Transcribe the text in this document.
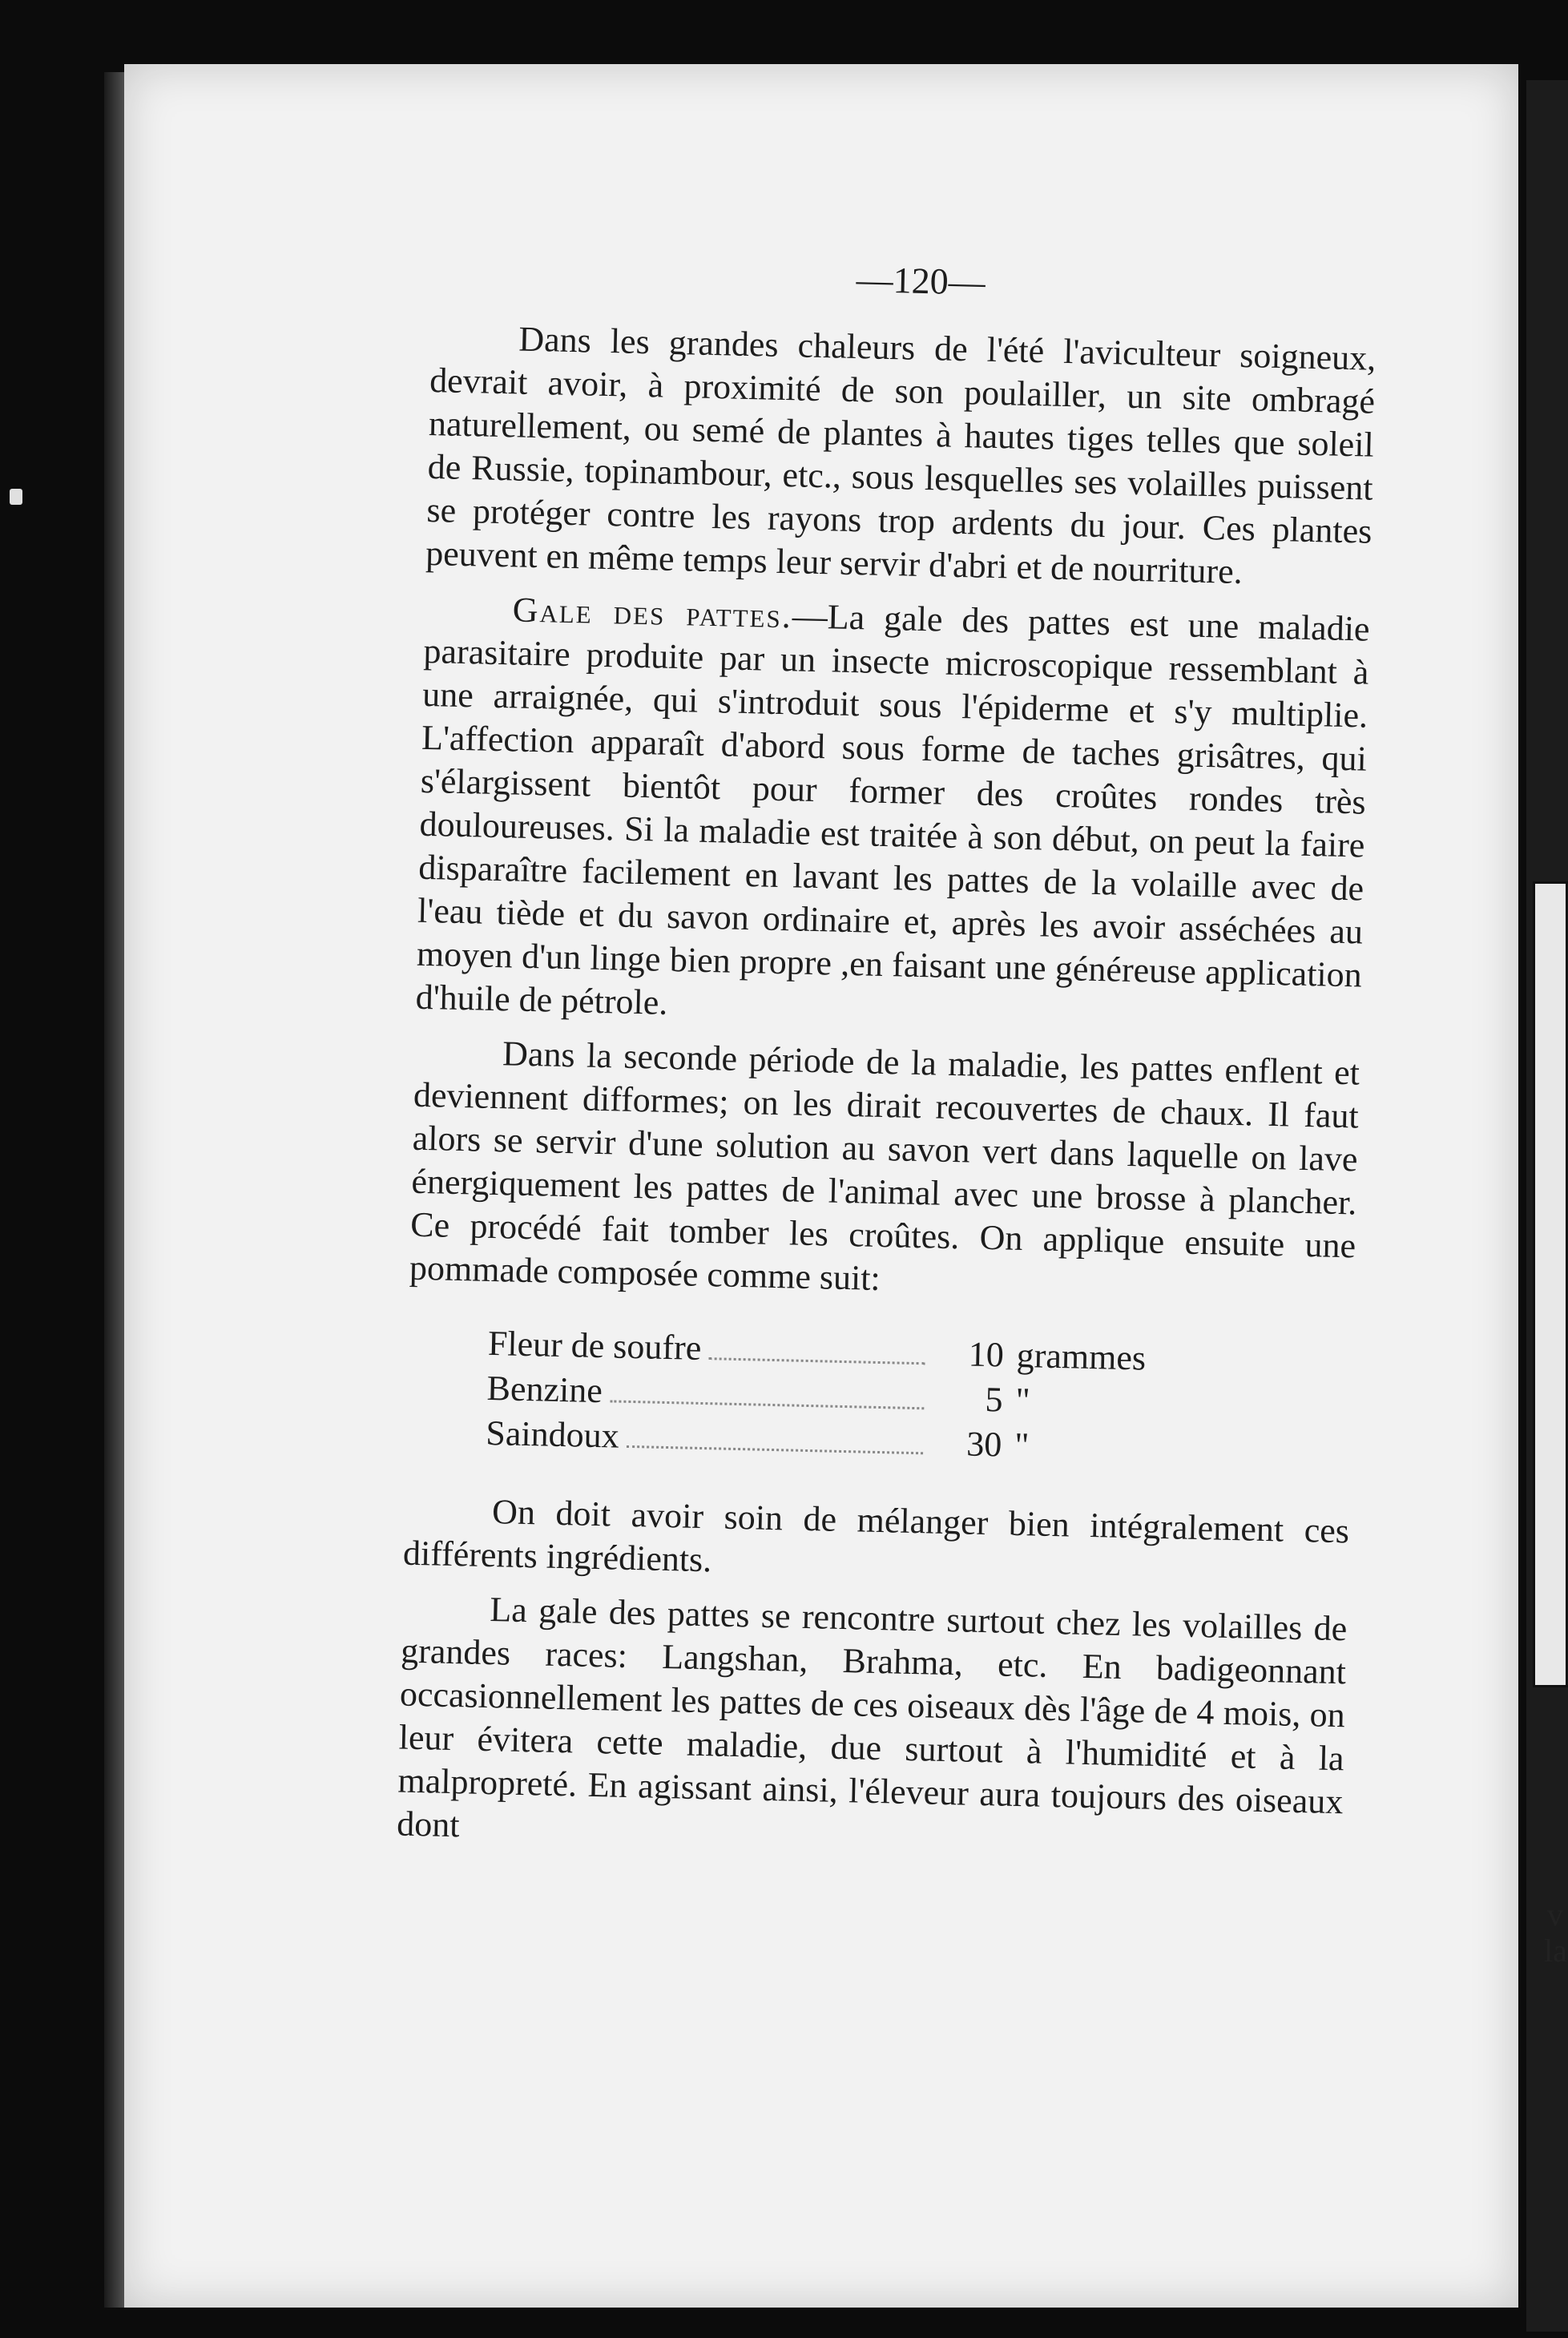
v
la
—120—

Dans les grandes chaleurs de l'été l'aviculteur soigneux, devrait avoir, à proximité de son poulailler, un site ombragé naturellement, ou semé de plantes à hautes tiges telles que soleil de Russie, topinambour, etc., sous lesquelles ses volailles puissent se protéger contre les rayons trop ardents du jour. Ces plantes peuvent en même temps leur servir d'abri et de nourriture.

Gale des pattes.—La gale des pattes est une maladie parasitaire produite par un insecte microscopique ressemblant à une arraignée, qui s'introduit sous l'épiderme et s'y multiplie. L'affection apparaît d'abord sous forme de taches grisâtres, qui s'élargissent bientôt pour former des croûtes rondes très douloureuses. Si la maladie est traitée à son début, on peut la faire disparaître facilement en lavant les pattes de la volaille avec de l'eau tiède et du savon ordinaire et, après les avoir asséchées au moyen d'un linge bien propre ,en faisant une généreuse application d'huile de pétrole.

Dans la seconde période de la maladie, les pattes enflent et deviennent difformes; on les dirait recouvertes de chaux. Il faut alors se servir d'une solution au savon vert dans laquelle on lave énergiquement les pattes de l'animal avec une brosse à plancher. Ce procédé fait tomber les croûtes. On applique ensuite une pommade composée comme suit:

Fleur de soufre	10 grammes
Benzine	5 "
Saindoux	30 "

On doit avoir soin de mélanger bien intégralement ces différents ingrédients.

La gale des pattes se rencontre surtout chez les volailles de grandes races: Langshan, Brahma, etc. En badigeonnant occasionnellement les pattes de ces oiseaux dès l'âge de 4 mois, on leur évitera cette maladie, due surtout à l'humidité et à la malpropreté. En agissant ainsi, l'éleveur aura toujours des oiseaux dont
